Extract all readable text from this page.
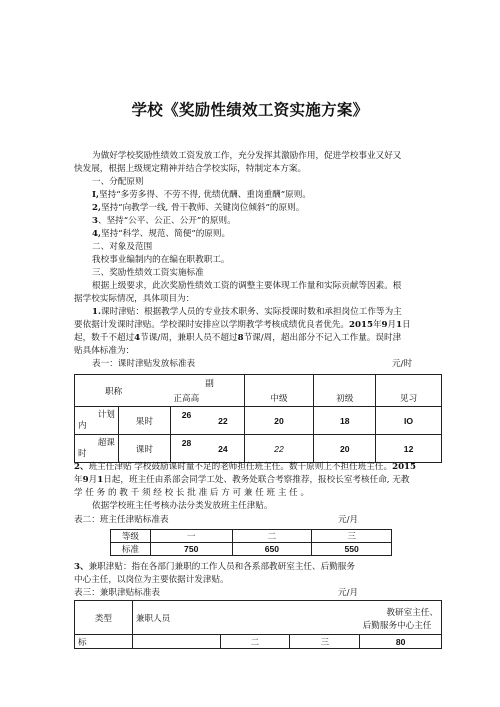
学校《奖励性绩效工资实施方案》
为做好学校奖励性绩效工资发放工作，充分发挥其激励作用，促进学校事业又好又
快发展，根据上级规定精神并结合学校实际，特制定本方案。
一、分配原则
I,坚持“多劳多得、不劳不得, 优绩优酬、重岗重酬”原则。
2,坚持“向教学一线, 骨干教师、关键岗位倾斜”的原则。
3、坚持“公平、公正、公开”的原则。
4,坚持“科学、规范、简便”的原则。
二、对象及范围
我校事业编制内的在编在职教职工。
三、奖励性绩效工资实施标准
根据上级要求，此次奖励性绩效工资的调整主要体现工作量和实际贡献等因素。根
据学校实际情况，具体项目为：
1.课时津贴：根据教学人员的专业技术职务、实际授课时数和承担岗位工作等为主
要依据计发课时津贴。学校课时安排应以学期教学考核成绩优良者优先。2015年9月1日
起，数千不超过4节课/周，兼职人员不超过8节课/周，超出部分不记入工作量。误时津
贴具体标准为：
表一：课时津贴发放标准表	元/时
职称		正高高	副	中级	初级	见习

计划
内	果时	26	22	20	18	IO

超课
时	课时	28	24	22	20	12
2、班主任津贴 学校鼓励课时量不足的老师担任班主任。数千原则上不担任班主任。2015
年9月1日起，班主任由系部会同学工处、教务处联合考察推荐，报校长室考核任命, 无教
学 任 务 的 教 千 须 经 校 长 批 准 后 方 可 兼 任 班 主 任 。
依据学校班主任考核办法分类发放班主任津贴。
表二：班主任津贴标准表	元/月
等级	一	二	三
标准	750	650	550
3、兼职津贴：指在各部门兼职的工作人员和各系部教研室主任、后勤服务
中心主任，以岗位为主要依据计发津贴。
表三：兼职津贴标准表	元/月
类型	兼职人员			教研室主任、
后勤服务中心主任

标		二	三	80
